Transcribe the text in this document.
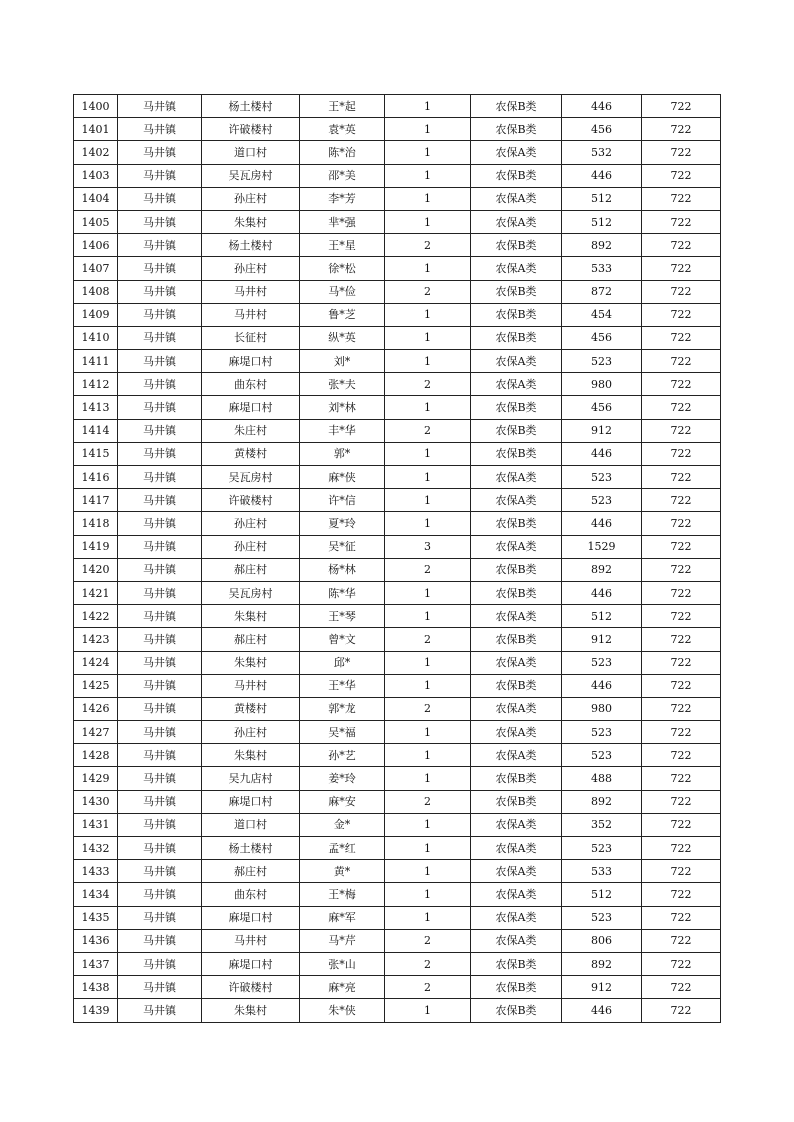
1400	马井镇	杨土楼村	王*起	1	农保B类	446	722
1401	马井镇	许破楼村	袁*英	1	农保B类	456	722
1402	马井镇	道口村	陈*治	1	农保A类	532	722
1403	马井镇	吴瓦房村	邵*美	1	农保B类	446	722
1404	马井镇	孙庄村	李*芳	1	农保A类	512	722
1405	马井镇	朱集村	芈*强	1	农保A类	512	722
1406	马井镇	杨土楼村	王*星	2	农保B类	892	722
1407	马井镇	孙庄村	徐*松	1	农保A类	533	722
1408	马井镇	马井村	马*俭	2	农保B类	872	722
1409	马井镇	马井村	鲁*芝	1	农保B类	454	722
1410	马井镇	长征村	纵*英	1	农保B类	456	722
1411	马井镇	麻堤口村	刘*	1	农保A类	523	722
1412	马井镇	曲东村	张*夫	2	农保A类	980	722
1413	马井镇	麻堤口村	刘*林	1	农保B类	456	722
1414	马井镇	朱庄村	丰*华	2	农保B类	912	722
1415	马井镇	黄楼村	郭*	1	农保B类	446	722
1416	马井镇	吴瓦房村	麻*侠	1	农保A类	523	722
1417	马井镇	许破楼村	许*信	1	农保A类	523	722
1418	马井镇	孙庄村	夏*玲	1	农保B类	446	722
1419	马井镇	孙庄村	吴*征	3	农保A类	1529	722
1420	马井镇	郝庄村	杨*林	2	农保B类	892	722
1421	马井镇	吴瓦房村	陈*华	1	农保B类	446	722
1422	马井镇	朱集村	王*琴	1	农保A类	512	722
1423	马井镇	郝庄村	曾*文	2	农保B类	912	722
1424	马井镇	朱集村	邱*	1	农保A类	523	722
1425	马井镇	马井村	王*华	1	农保B类	446	722
1426	马井镇	黄楼村	郭*龙	2	农保A类	980	722
1427	马井镇	孙庄村	吴*福	1	农保A类	523	722
1428	马井镇	朱集村	孙*艺	1	农保A类	523	722
1429	马井镇	吴九店村	姜*玲	1	农保B类	488	722
1430	马井镇	麻堤口村	麻*安	2	农保B类	892	722
1431	马井镇	道口村	金*	1	农保A类	352	722
1432	马井镇	杨土楼村	孟*红	1	农保A类	523	722
1433	马井镇	郝庄村	黄*	1	农保A类	533	722
1434	马井镇	曲东村	王*梅	1	农保A类	512	722
1435	马井镇	麻堤口村	麻*军	1	农保A类	523	722
1436	马井镇	马井村	马*芹	2	农保A类	806	722
1437	马井镇	麻堤口村	张*山	2	农保B类	892	722
1438	马井镇	许破楼村	麻*亮	2	农保B类	912	722
1439	马井镇	朱集村	朱*侠	1	农保B类	446	722
